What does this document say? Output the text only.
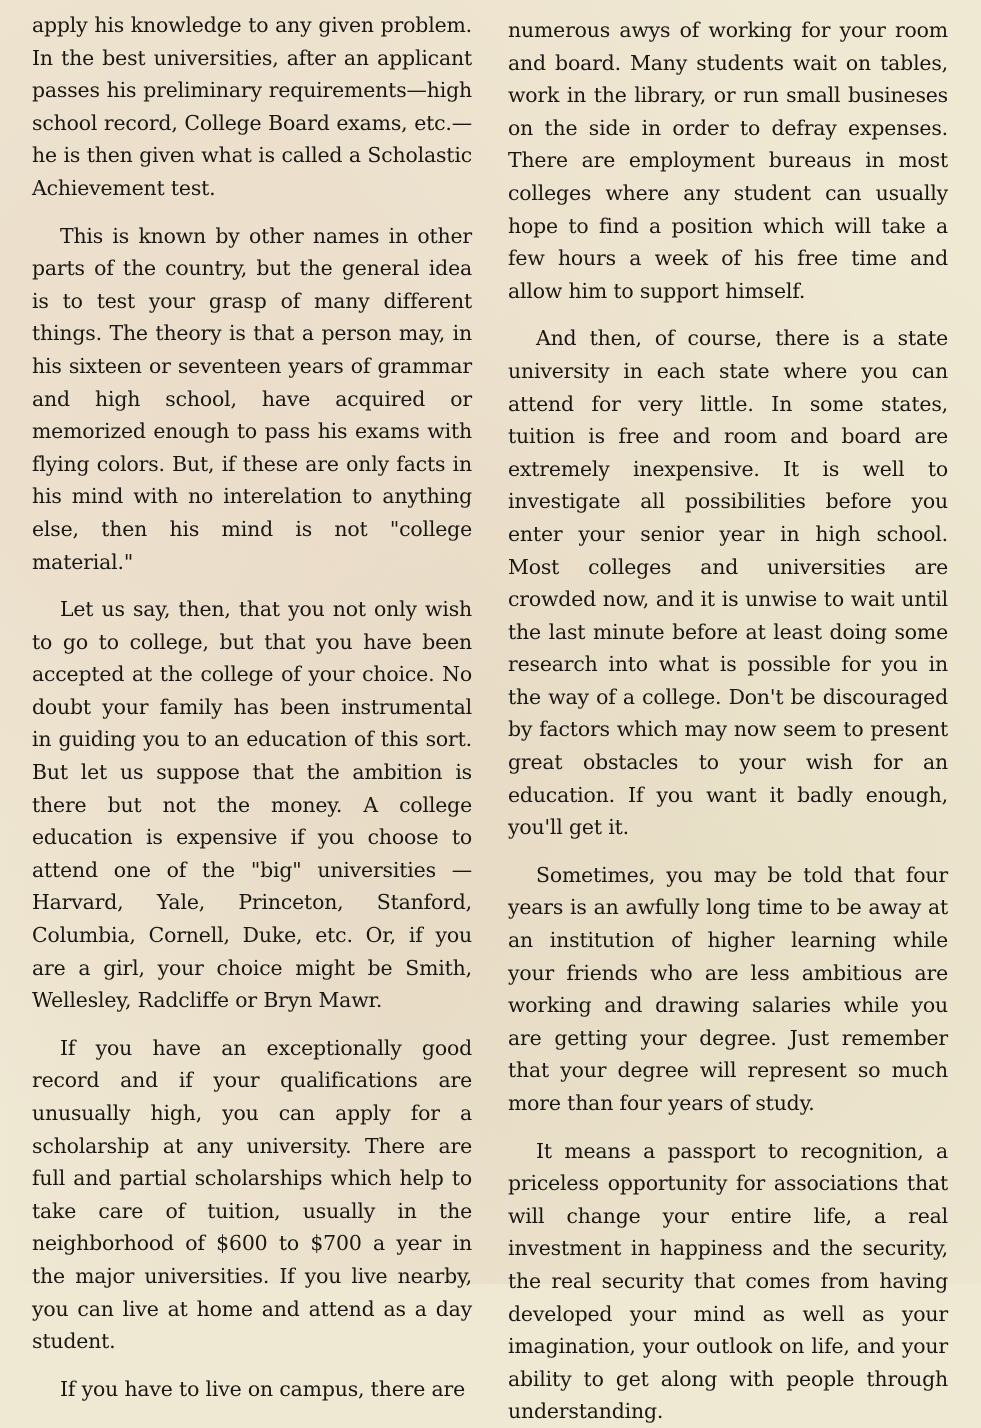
apply his knowledge to any given problem. In the best universities, after an applicant passes his preliminary requirements—high school record, College Board exams, etc.—he is then given what is called a Scholastic Achievement test.

This is known by other names in other parts of the country, but the general idea is to test your grasp of many different things. The theory is that a person may, in his sixteen or seventeen years of grammar and high school, have acquired or memorized enough to pass his exams with flying colors. But, if these are only facts in his mind with no interelation to anything else, then his mind is not "college material."

Let us say, then, that you not only wish to go to college, but that you have been accepted at the college of your choice. No doubt your family has been instrumental in guiding you to an education of this sort. But let us suppose that the ambition is there but not the money. A college education is expensive if you choose to attend one of the "big" universities —Harvard, Yale, Princeton, Stanford, Columbia, Cornell, Duke, etc. Or, if you are a girl, your choice might be Smith, Wellesley, Radcliffe or Bryn Mawr.

If you have an exceptionally good record and if your qualifications are unusually high, you can apply for a scholarship at any university. There are full and partial scholarships which help to take care of tuition, usually in the neighborhood of $600 to $700 a year in the major universities. If you live nearby, you can live at home and attend as a day student.

If you have to live on campus, there are

numerous awys of working for your room and board. Many students wait on tables, work in the library, or run small busineses on the side in order to defray expenses. There are employment bureaus in most colleges where any student can usually hope to find a position which will take a few hours a week of his free time and allow him to support himself.

And then, of course, there is a state university in each state where you can attend for very little. In some states, tuition is free and room and board are extremely inexpensive. It is well to investigate all possibilities before you enter your senior year in high school. Most colleges and universities are crowded now, and it is unwise to wait until the last minute before at least doing some research into what is possible for you in the way of a college. Don't be discouraged by factors which may now seem to present great obstacles to your wish for an education. If you want it badly enough, you'll get it.

Sometimes, you may be told that four years is an awfully long time to be away at an institution of higher learning while your friends who are less ambitious are working and drawing salaries while you are getting your degree. Just remember that your degree will represent so much more than four years of study.

It means a passport to recognition, a priceless opportunity for associations that will change your entire life, a real investment in happiness and the security, the real security that comes from having developed your mind as well as your imagination, your outlook on life, and your ability to get along with people through understanding.
